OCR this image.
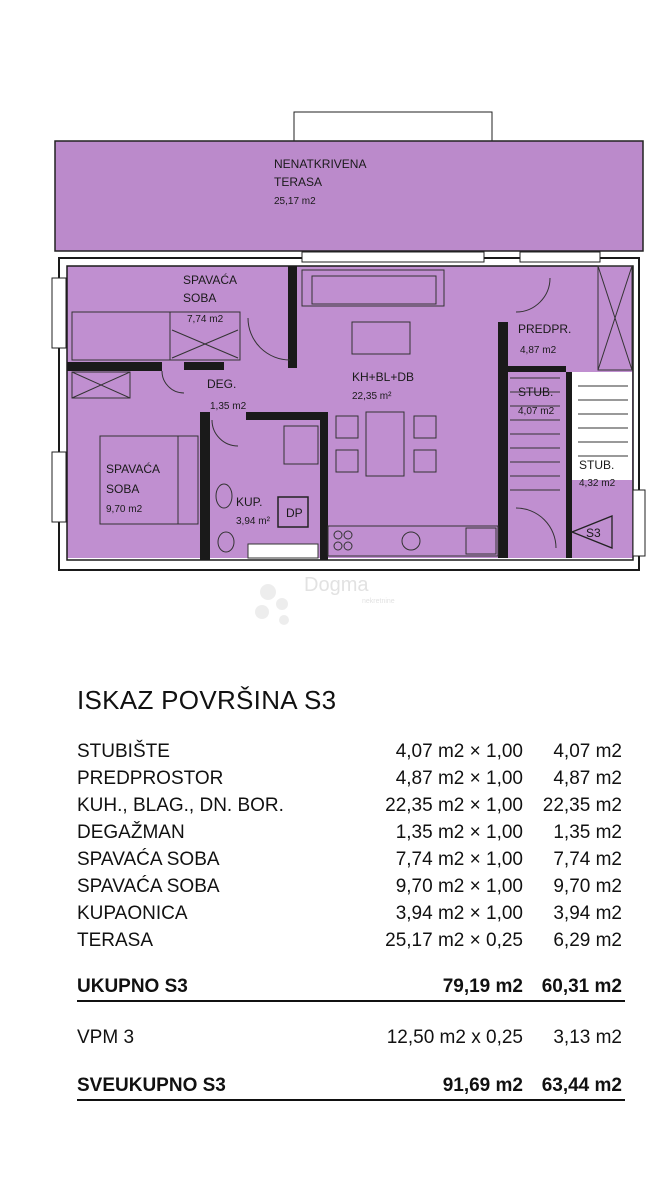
NENATKRIVENA
TERASA
25,17 m2
SPAVAĆA
SOBA
7,74 m2
DEG.
1,35 m2
KH+BL+DB
22,35 m²
PREDPR.
4,87 m2
STUB.
4,07 m2
STUB.
4,32 m2
SPAVAĆA
SOBA
9,70 m2
KUP.
3,94 m²
DP
S3
Dogma
nekretnine
ISKAZ POVRŠINA S3
STUBIŠTE	4,07 m2 × 1,00 4,07 m2
PREDPROSTOR	4,87 m2 × 1,00 4,87 m2
KUH., BLAG., DN. BOR.	22,35 m2 × 1,00 22,35 m2
DEGAŽMAN	1,35 m2 × 1,00 1,35 m2
SPAVAĆA SOBA	7,74 m2 × 1,00 7,74 m2
SPAVAĆA SOBA	9,70 m2 × 1,00 9,70 m2
KUPAONICA	3,94 m2 × 1,00 3,94 m2
TERASA	25,17 m2 × 0,25 6,29 m2
UKUPNO S3	79,19 m2 60,31 m2
VPM 3	12,50 m2 x 0,25 3,13 m2
SVEUKUPNO S3	91,69 m2 63,44 m2
